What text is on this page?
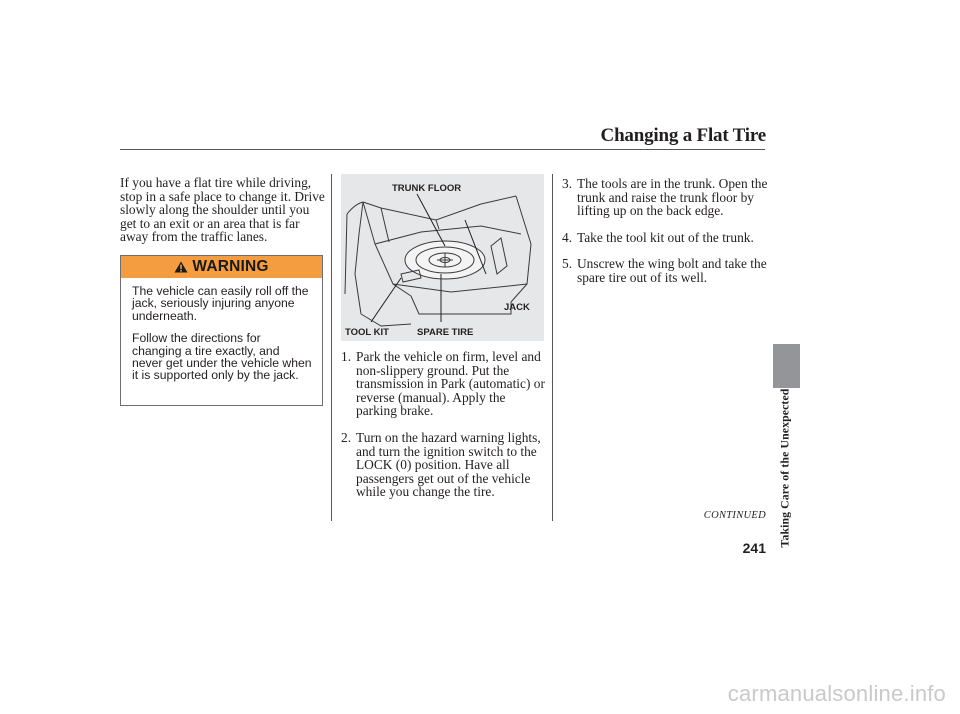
Changing a Flat Tire
If you have a flat tire while driving, stop in a safe place to change it. Drive slowly along the shoulder until you get to an exit or an area that is far away from the traffic lanes.
WARNING

The vehicle can easily roll off the jack, seriously injuring anyone underneath.

Follow the directions for changing a tire exactly, and never get under the vehicle when it is supported only by the jack.

TRUNK FLOOR
JACK
TOOL KIT	SPARE TIRE
1. Park the vehicle on firm, level and non-slippery ground. Put the transmission in Park (automatic) or reverse (manual). Apply the parking brake.
2. Turn on the hazard warning lights, and turn the ignition switch to the LOCK (0) position. Have all passengers get out of the vehicle while you change the tire.
3. The tools are in the trunk. Open the trunk and raise the trunk floor by lifting up on the back edge.
4. Take the tool kit out of the trunk.
5. Unscrew the wing bolt and take the spare tire out of its well.
CONTINUED
241
Taking Care of the Unexpected
carmanualsonline.info
